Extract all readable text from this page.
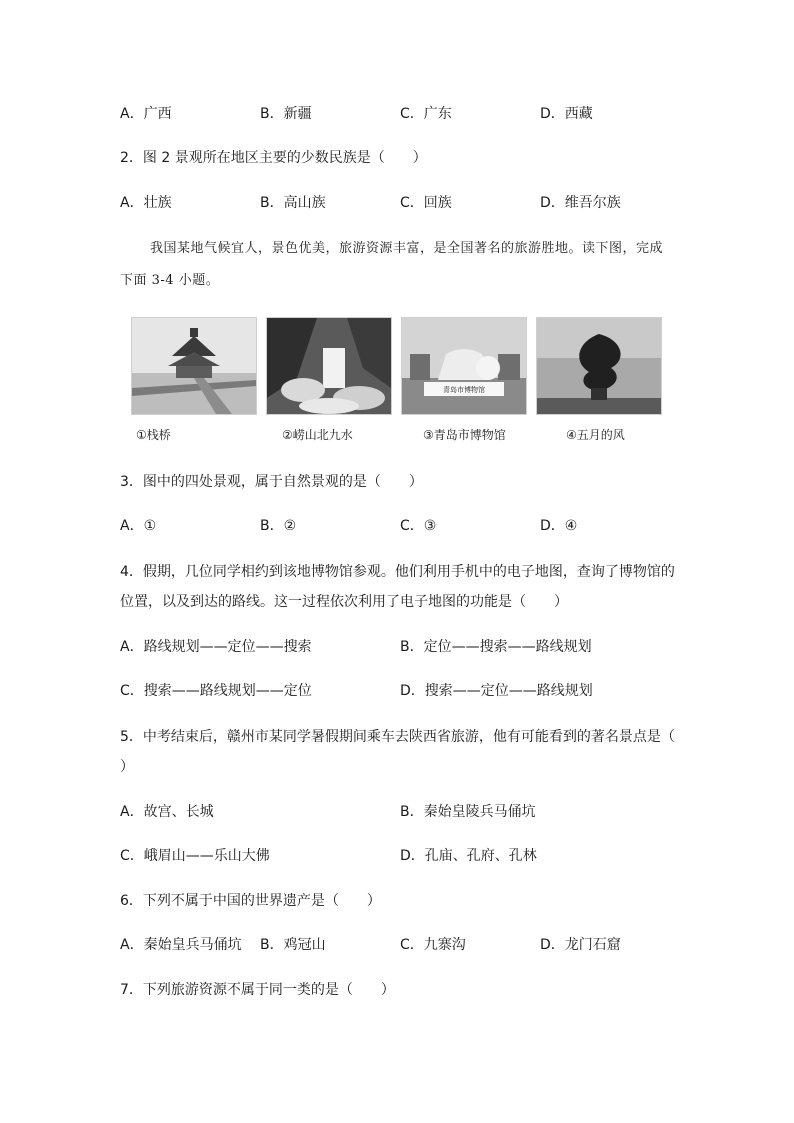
A．广西	B．新疆	C．广东	D．西藏
2．图 2 景观所在地区主要的少数民族是（　　）
A．壮族	B．高山族	C．回族	D．维吾尔族
我国某地气候宜人，景色优美，旅游资源丰富，是全国著名的旅游胜地。读下图，完成
下面 3-4 小题。
青岛市博物馆
①栈桥	②崂山北九水	③青岛市博物馆	④五月的风
3．图中的四处景观，属于自然景观的是（　　）
A．①	B．②	C．③	D．④
4．假期，几位同学相约到该地博物馆参观。他们利用手机中的电子地图，查询了博物馆的
位置，以及到达的路线。这一过程依次利用了电子地图的功能是（　　）
A．路线规划——定位——搜索	B．定位——搜索——路线规划
C．搜索——路线规划——定位	D．搜索——定位——路线规划
5．中考结束后，赣州市某同学暑假期间乘车去陕西省旅游，他有可能看到的著名景点是（
）
A．故宫、长城	B．秦始皇陵兵马俑坑
C．峨眉山——乐山大佛	D．孔庙、孔府、孔林
6．下列不属于中国的世界遗产是（　　）
A．秦始皇兵马俑坑 B．鸡冠山	C．九寨沟	D．龙门石窟
7．下列旅游资源不属于同一类的是（　　）
